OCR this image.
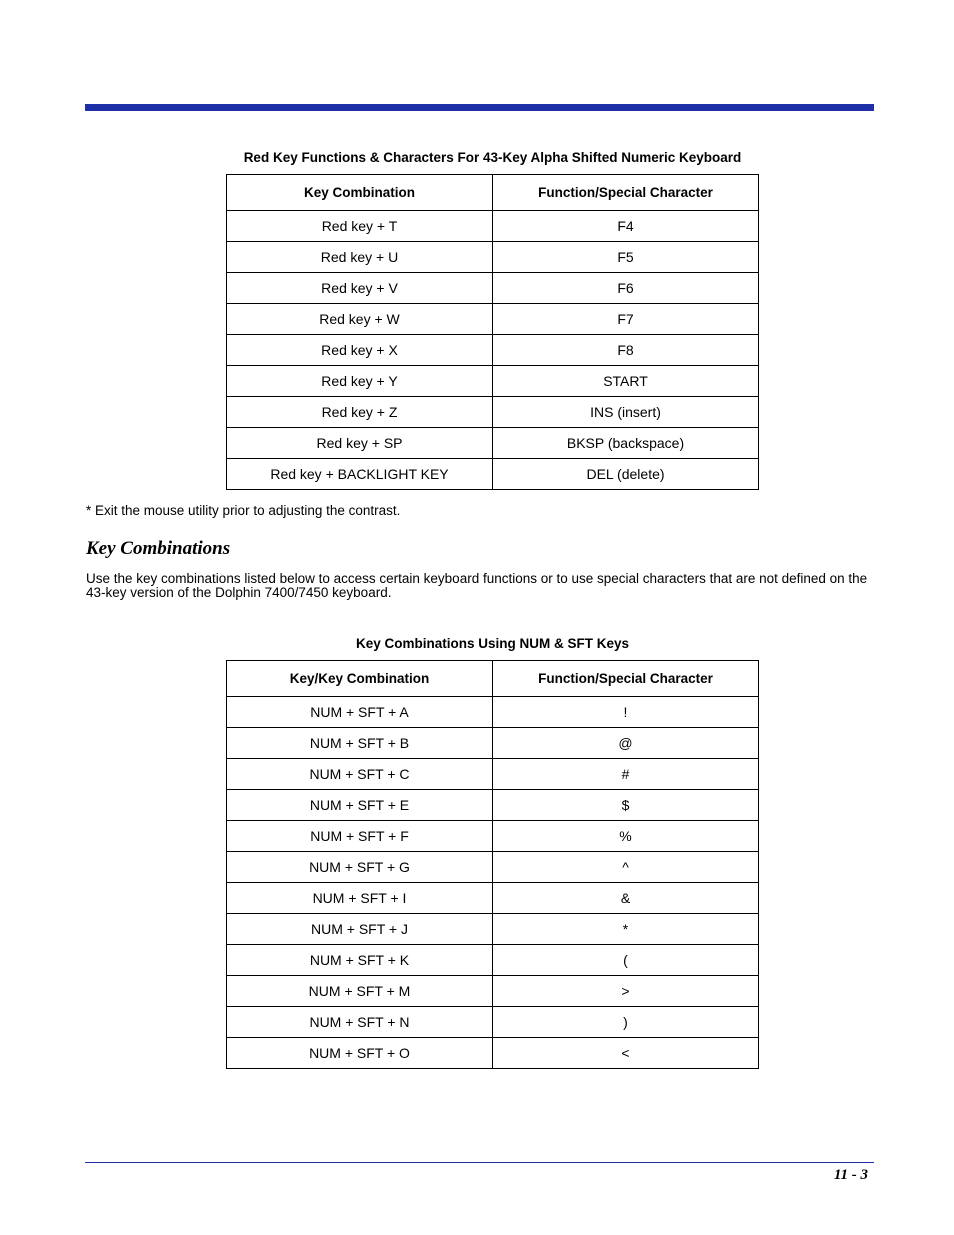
Red Key Functions & Characters For 43-Key Alpha Shifted Numeric Keyboard
Key Combination	Function/Special Character
Red key + T	F4
Red key + U	F5
Red key + V	F6
Red key + W	F7
Red key + X	F8
Red key + Y	START
Red key + Z	INS (insert)
Red key + SP	BKSP (backspace)
Red key + BACKLIGHT KEY	DEL (delete)
* Exit the mouse utility prior to adjusting the contrast.
Key Combinations
Use the key combinations listed below to access certain keyboard functions or to use special characters that are not defined on the 43-key version of the Dolphin 7400/7450 keyboard.
Key Combinations Using NUM & SFT Keys
Key/Key Combination	Function/Special Character
NUM + SFT + A	!
NUM + SFT + B	@
NUM + SFT + C	#
NUM + SFT + E	$
NUM + SFT + F	%
NUM + SFT + G	^
NUM + SFT + I	&
NUM + SFT + J	*
NUM + SFT + K	(
NUM + SFT + M	>
NUM + SFT + N	)
NUM + SFT + O	<
11 - 3
